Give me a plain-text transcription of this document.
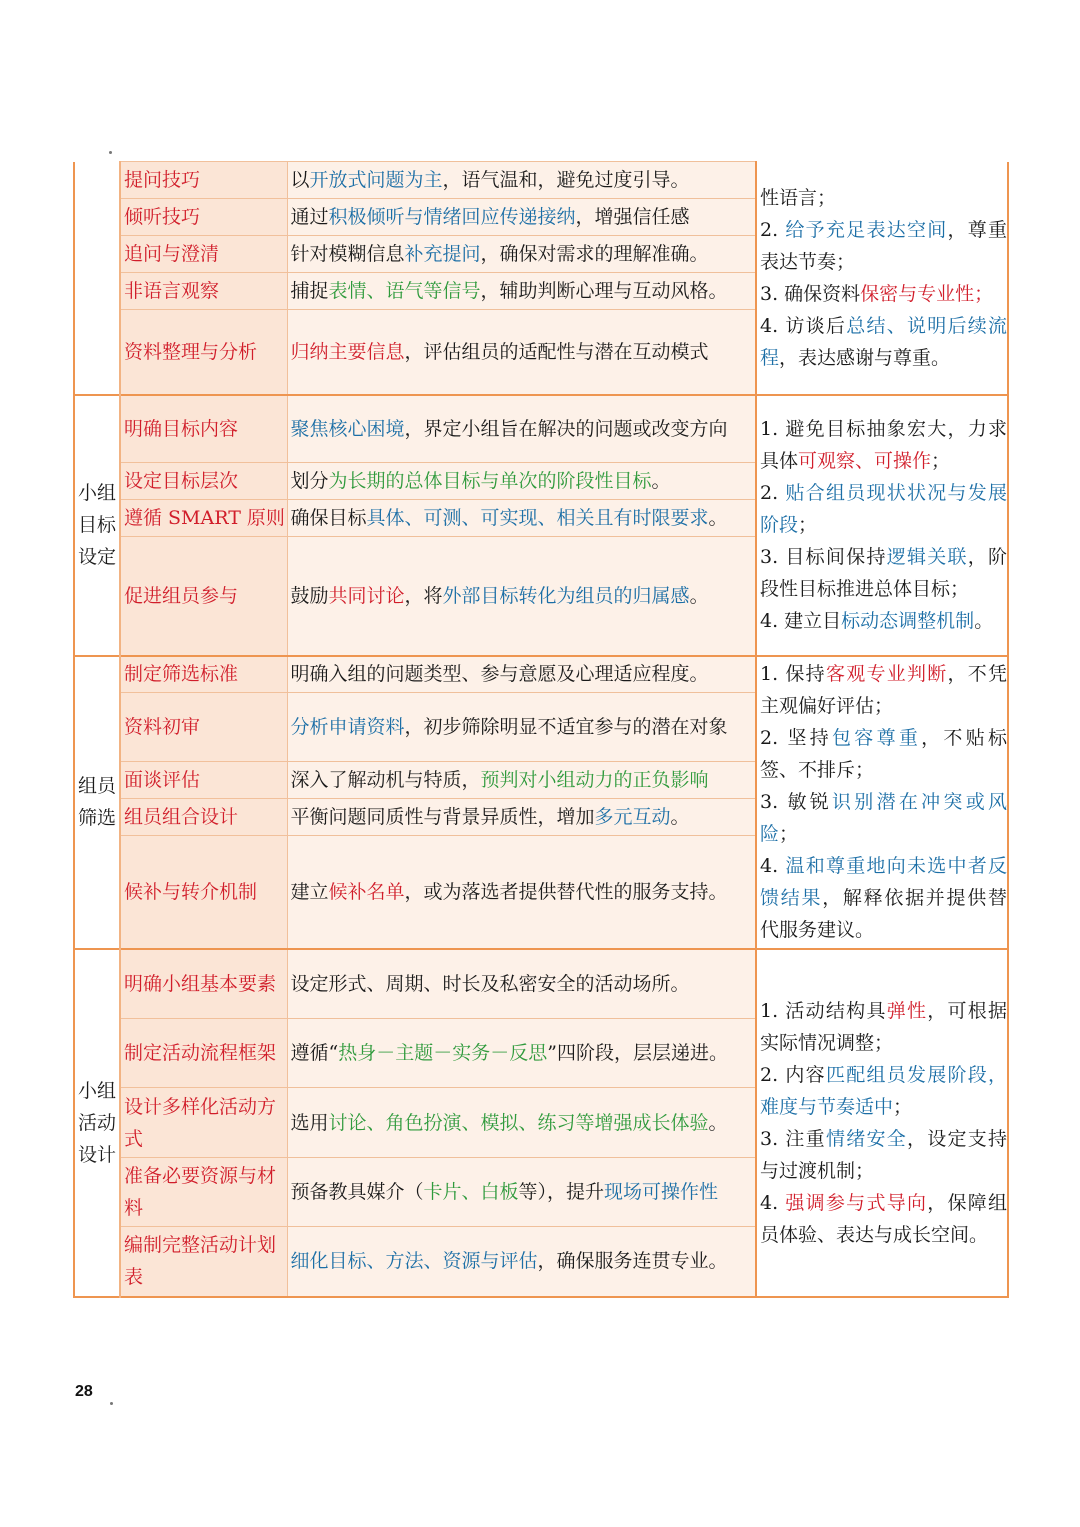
	提问技巧	以开放式问题为主，语气温和，避免过度引导。	性语言；
2. 给予充足表达空间，尊重表达节奏；
3. 确保资料保密与专业性；
4. 访谈后总结、说明后续流程，表达感谢与尊重。
	倾听技巧	通过积极倾听与情绪回应传递接纳，增强信任感	
	追问与澄清	针对模糊信息补充提问，确保对需求的理解准确。	
	非语言观察	捕捉表情、语气等信号，辅助判断心理与互动风格。	
	资料整理与分析	归纳主要信息，评估组员的适配性与潜在互动模式	
小组目标设定	明确目标内容	聚焦核心困境，界定小组旨在解决的问题或改变方向	1. 避免目标抽象宏大，力求具体可观察、可操作；
2. 贴合组员现状状况与发展阶段；
3. 目标间保持逻辑关联，阶段性目标推进总体目标；
4. 建立目标动态调整机制。
	设定目标层次	划分为长期的总体目标与单次的阶段性目标。	
	遵循 SMART 原则	确保目标具体、可测、可实现、相关且有时限要求。	
	促进组员参与	鼓励共同讨论，将外部目标转化为组员的归属感。	
组员筛选	制定筛选标准	明确入组的问题类型、参与意愿及心理适应程度。	1. 保持客观专业判断，不凭主观偏好评估；
2. 坚持包容尊重，不贴标签、不排斥；
3. 敏锐识别潜在冲突或风险；
4. 温和尊重地向未选中者反馈结果，解释依据并提供替代服务建议。
	资料初审	分析申请资料，初步筛除明显不适宜参与的潜在对象	
	面谈评估	深入了解动机与特质，预判对小组动力的正负影响	
	组员组合设计	平衡问题同质性与背景异质性，增加多元互动。	
	候补与转介机制	建立候补名单，或为落选者提供替代性的服务支持。	
小组活动设计	明确小组基本要素	设定形式、周期、时长及私密安全的活动场所。	1. 活动结构具弹性，可根据实际情况调整；
2. 内容匹配组员发展阶段，难度与节奏适中；
3. 注重情绪安全，设定支持与过渡机制；
4. 强调参与式导向，保障组员体验、表达与成长空间。
	制定活动流程框架	遵循“热身－主题－实务－反思”四阶段，层层递进。	
	设计多样化活动方式	选用讨论、角色扮演、模拟、练习等增强成长体验。	
	准备必要资源与材料	预备教具媒介（卡片、白板等），提升现场可操作性	
	编制完整活动计划表	细化目标、方法、资源与评估，确保服务连贯专业。	
28
